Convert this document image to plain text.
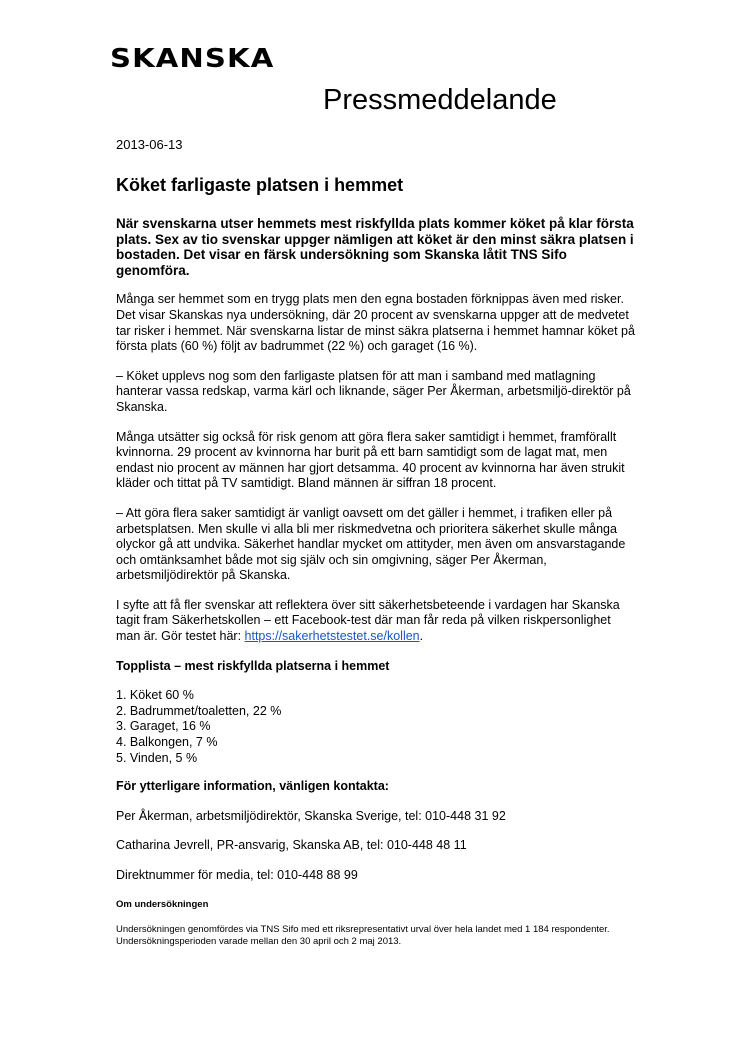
SKANSKA
Pressmeddelande
2013-06-13
Köket farligaste platsen i hemmet

När svenskarna utser hemmets mest riskfyllda plats kommer köket på klar första plats. Sex av tio svenskar uppger nämligen att köket är den minst säkra platsen i bostaden. Det visar en färsk undersökning som Skanska låtit TNS Sifo genomföra.

Många ser hemmet som en trygg plats men den egna bostaden förknippas även med risker. Det visar Skanskas nya undersökning, där 20 procent av svenskarna uppger att de medvetet tar risker i hemmet. När svenskarna listar de minst säkra platserna i hemmet hamnar köket på första plats (60 %) följt av badrummet (22 %) och garaget (16 %).

– Köket upplevs nog som den farligaste platsen för att man i samband med matlagning hanterar vassa redskap, varma kärl och liknande, säger Per Åkerman, arbetsmiljö-direktör på Skanska.

Många utsätter sig också för risk genom att göra flera saker samtidigt i hemmet, framförallt kvinnorna. 29 procent av kvinnorna har burit på ett barn samtidigt som de lagat mat, men endast nio procent av männen har gjort detsamma. 40 procent av kvinnorna har även strukit kläder och tittat på TV samtidigt. Bland männen är siffran 18 procent.

– Att göra flera saker samtidigt är vanligt oavsett om det gäller i hemmet, i trafiken eller på arbetsplatsen. Men skulle vi alla bli mer riskmedvetna och prioritera säkerhet skulle många olyckor gå att undvika. Säkerhet handlar mycket om attityder, men även om ansvarstagande och omtänksamhet både mot sig själv och sin omgivning, säger Per Åkerman, arbetsmiljödirektör på Skanska.

I syfte att få fler svenskar att reflektera över sitt säkerhetsbeteende i vardagen har Skanska tagit fram Säkerhetskollen – ett Facebook-test där man får reda på vilken riskpersonlighet man är. Gör testet här: https://sakerhetstestet.se/kollen.

Topplista – mest riskfyllda platserna i hemmet

1. Köket 60 %
2. Badrummet/toaletten, 22 %
3. Garaget, 16 %
4. Balkongen, 7 %
5. Vinden, 5 %

För ytterligare information, vänligen kontakta:

Per Åkerman, arbetsmiljödirektör, Skanska Sverige, tel: 010-448 31 92

Catharina Jevrell, PR-ansvarig, Skanska AB, tel: 010-448 48 11

Direktnummer för media, tel: 010-448 88 99

Om undersökningen

Undersökningen genomfördes via TNS Sifo med ett riksrepresentativt urval över hela landet med 1 184 respondenter. Undersökningsperioden varade mellan den 30 april och 2 maj 2013.
